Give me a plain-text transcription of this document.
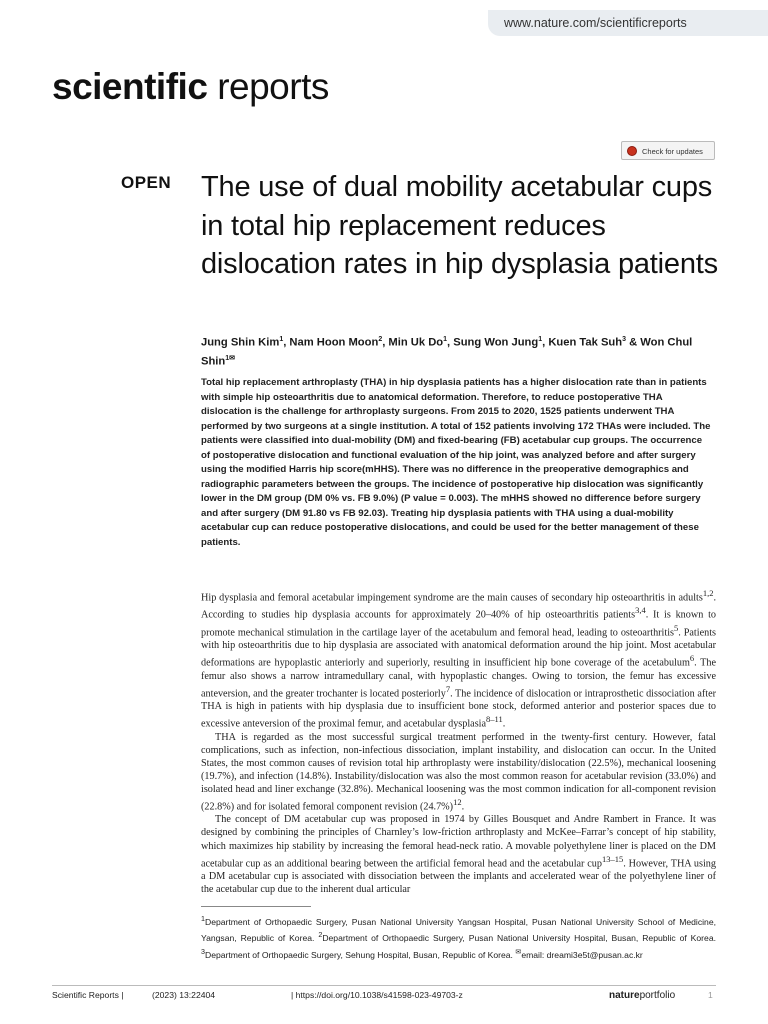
www.nature.com/scientificreports
scientific reports
Check for updates
OPEN The use of dual mobility acetabular cups in total hip replacement reduces dislocation rates in hip dysplasia patients
Jung Shin Kim$^1$, Nam Hoon Moon$^2$, Min Uk Do$^1$, Sung Won Jung$^1$, Kuen Tak Suh$^3$ & Won Chul Shin$^{1✉}$
Total hip replacement arthroplasty (THA) in hip dysplasia patients has a higher dislocation rate than in patients with simple hip osteoarthritis due to anatomical deformation. Therefore, to reduce postoperative THA dislocation is the challenge for arthroplasty surgeons. From 2015 to 2020, 1525 patients underwent THA performed by two surgeons at a single institution. A total of 152 patients involving 172 THAs were included. The patients were classified into dual-mobility (DM) and fixed-bearing (FB) acetabular cup groups. The occurrence of postoperative dislocation and functional evaluation of the hip joint, was analyzed before and after surgery using the modified Harris hip score(mHHS). There was no difference in the preoperative demographics and radiographic parameters between the groups. The incidence of postoperative hip dislocation was significantly lower in the DM group (DM 0% vs. FB 9.0%) (P value = 0.003). The mHHS showed no difference before surgery and after surgery (DM 91.80 vs FB 92.03). Treating hip dysplasia patients with THA using a dual-mobility acetabular cup can reduce postoperative dislocations, and could be used for the better management of these patients.

Hip dysplasia and femoral acetabular impingement syndrome are the main causes of secondary hip osteoarthritis in adults$^{1,2}$. According to studies hip dysplasia accounts for approximately 20–40% of hip osteoarthritis patients$^{3,4}$. It is known to promote mechanical stimulation in the cartilage layer of the acetabulum and femoral head, leading to osteoarthritis$^5$. Patients with hip osteoarthritis due to hip dysplasia are associated with anatomical deformation around the hip joint. Most acetabular deformations are hypoplastic anteriorly and superiorly, resulting in insufficient hip bone coverage of the acetabulum$^6$. The femur also shows a narrow intramedullary canal, with hypoplastic changes. Owing to torsion, the femur has excessive anteversion, and the greater trochanter is located posteriorly$^7$. The incidence of dislocation or intraprosthetic dissociation after THA is high in patients with hip dysplasia due to insufficient bone stock, deformed anterior and posterior spaces due to excessive anteversion of the proximal femur, and acetabular dysplasia$^{8-11}$.

THA is regarded as the most successful surgical treatment performed in the twenty-first century. However, fatal complications, such as infection, non-infectious dissociation, implant instability, and dislocation can occur. In the United States, the most common causes of revision total hip arthroplasty were instability/dislocation (22.5%), mechanical loosening (19.7%), and infection (14.8%). Instability/dislocation was also the most common reason for acetabular revision (33.0%) and isolated head and liner exchange (32.8%). Mechanical loosening was the most common indication for all-component revision (22.8%) and for isolated femoral component revision $(24.7\%)^{12}$.

The concept of DM acetabular cup was proposed in 1974 by Gilles Bousquet and Andre Rambert in France. It was designed by combining the principles of Charnley’s low-friction arthroplasty and McKee–Farrar’s concept of hip stability, which maximizes hip stability by increasing the femoral head-neck ratio. A movable polyethylene liner is placed on the DM acetabular cup as an additional bearing between the artificial femoral head and the acetabular cup$^{13-15}$. However, THA using a DM acetabular cup is associated with dissociation between the implants and accelerated wear of the polyethylene liner of the acetabular cup due to the inherent dual articular

$^1$Department of Orthopaedic Surgery, Pusan National University Yangsan Hospital, Pusan National University School of Medicine, Yangsan, Republic of Korea. $^2$Department of Orthopaedic Surgery, Pusan National University Hospital, Busan, Republic of Korea. $^3$Department of Orthopaedic Surgery, Sehung Hospital, Busan, Republic of Korea. ✉email: dreami3e5t@pusan.ac.kr
Scientific Reports |	(2023) 13:22404	| https://doi.org/10.1038/s41598-023-49703-z	natureportfolio	1
